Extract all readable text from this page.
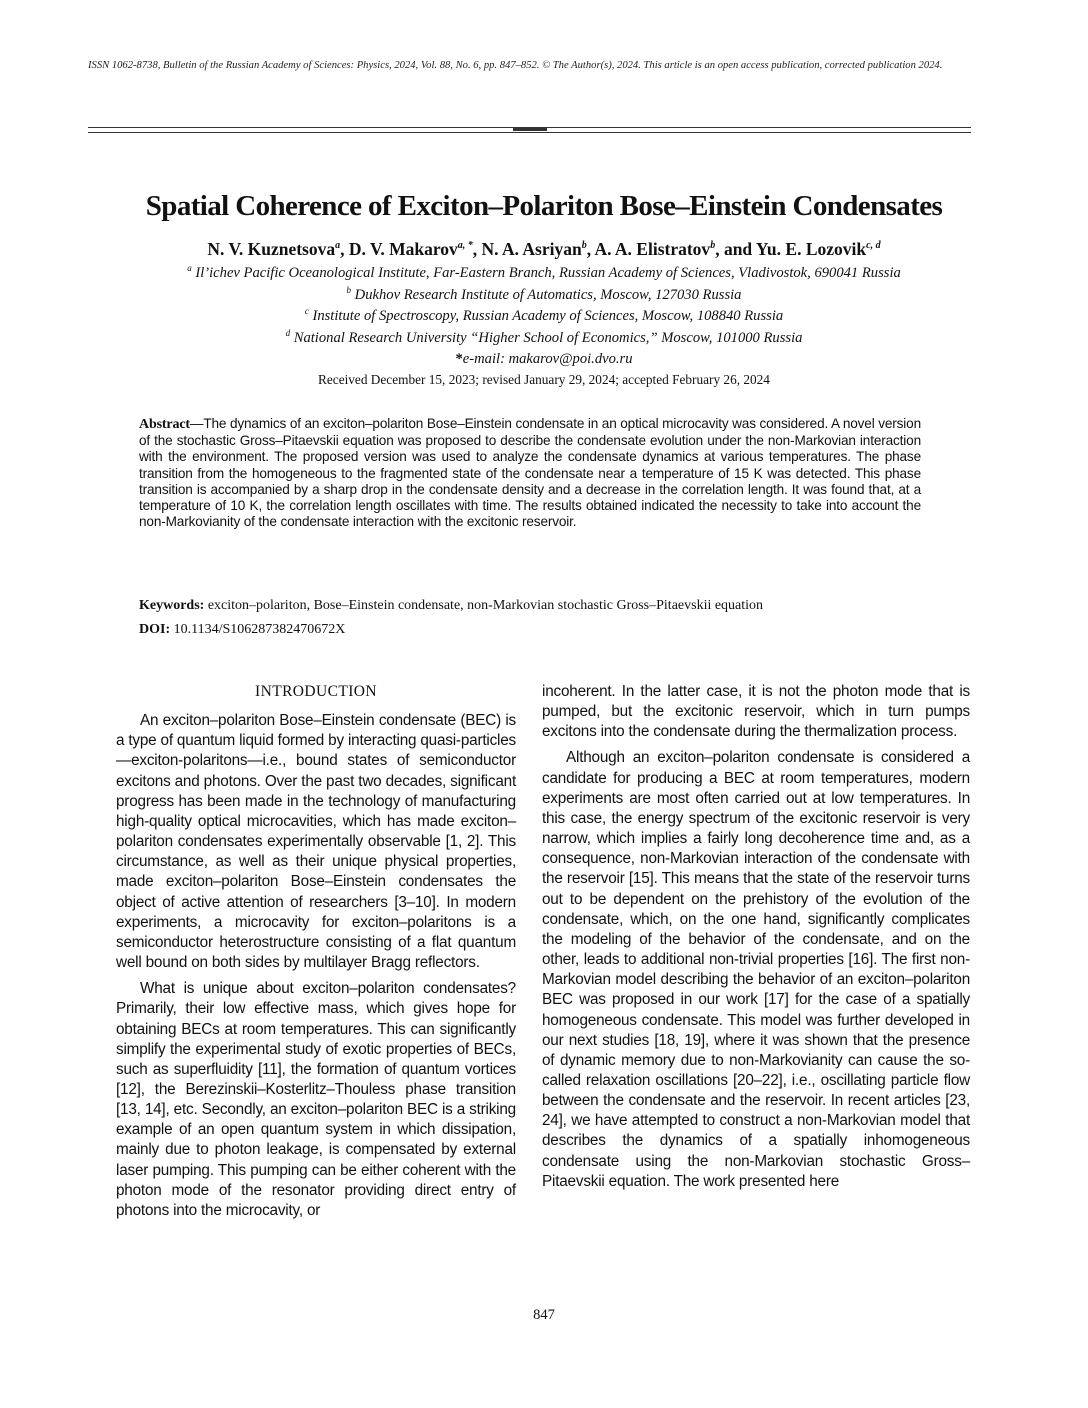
ISSN 1062-8738, Bulletin of the Russian Academy of Sciences: Physics, 2024, Vol. 88, No. 6, pp. 847–852. © The Author(s), 2024. This article is an open access publication, corrected publication 2024.
Spatial Coherence of Exciton–Polariton Bose–Einstein Condensates
N. V. Kuznetsova$^a$, D. V. Makarov$^{a, *}$, N. A. Asriyan$^b$, A. A. Elistratov$^b$, and Yu. E. Lozovik$^{c, d}$
$^a$ Il’ichev Pacific Oceanological Institute, Far-Eastern Branch, Russian Academy of Sciences, Vladivostok, 690041 Russia
$^b$ Dukhov Research Institute of Automatics, Moscow, 127030 Russia
$^c$ Institute of Spectroscopy, Russian Academy of Sciences, Moscow, 108840 Russia
$^d$ National Research University “Higher School of Economics,” Moscow, 101000 Russia
*e-mail: makarov@poi.dvo.ru
Received December 15, 2023; revised January 29, 2024; accepted February 26, 2024
Abstract—The dynamics of an exciton–polariton Bose–Einstein condensate in an optical microcavity was considered. A novel version of the stochastic Gross–Pitaevskii equation was proposed to describe the condensate evolution under the non-Markovian interaction with the environment. The proposed version was used to analyze the condensate dynamics at various temperatures. The phase transition from the homogeneous to the fragmented state of the condensate near a temperature of 15 K was detected. This phase transition is accompanied by a sharp drop in the condensate density and a decrease in the correlation length. It was found that, at a temperature of 10 K, the correlation length oscillates with time. The results obtained indicated the necessity to take into account the non-Markovianity of the condensate interaction with the excitonic reservoir.
Keywords: exciton–polariton, Bose–Einstein condensate, non-Markovian stochastic Gross–Pitaevskii equation
DOI: 10.1134/S106287382470672X
INTRODUCTION

An exciton–polariton Bose–Einstein condensate (BEC) is a type of quantum liquid formed by interacting quasi-particles—exciton-polaritons—i.e., bound states of semiconductor excitons and photons. Over the past two decades, significant progress has been made in the technology of manufacturing high-quality optical microcavities, which has made exciton–polariton condensates experimentally observable [1, 2]. This circumstance, as well as their unique physical properties, made exciton–polariton Bose–Einstein condensates the object of active attention of researchers [3–10]. In modern experiments, a microcavity for exciton–polaritons is a semiconductor heterostructure consisting of a flat quantum well bound on both sides by multilayer Bragg reflectors.

What is unique about exciton–polariton condensates? Primarily, their low effective mass, which gives hope for obtaining BECs at room temperatures. This can significantly simplify the experimental study of exotic properties of BECs, such as superfluidity [11], the formation of quantum vortices [12], the Berezinskii–Kosterlitz–Thouless phase transition [13, 14], etc. Secondly, an exciton–polariton BEC is a striking example of an open quantum system in which dissipation, mainly due to photon leakage, is compensated by external laser pumping. This pumping can be either coherent with the photon mode of the resonator providing direct entry of photons into the microcavity, or

incoherent. In the latter case, it is not the photon mode that is pumped, but the excitonic reservoir, which in turn pumps excitons into the condensate during the thermalization process.

Although an exciton–polariton condensate is considered a candidate for producing a BEC at room temperatures, modern experiments are most often carried out at low temperatures. In this case, the energy spectrum of the excitonic reservoir is very narrow, which implies a fairly long decoherence time and, as a consequence, non-Markovian interaction of the condensate with the reservoir [15]. This means that the state of the reservoir turns out to be dependent on the prehistory of the evolution of the condensate, which, on the one hand, significantly complicates the modeling of the behavior of the condensate, and on the other, leads to additional non-trivial properties [16]. The first non-Markovian model describing the behavior of an exciton–polariton BEC was proposed in our work [17] for the case of a spatially homogeneous condensate. This model was further developed in our next studies [18, 19], where it was shown that the presence of dynamic memory due to non-Markovianity can cause the so-called relaxation oscillations [20–22], i.e., oscillating particle flow between the condensate and the reservoir. In recent articles [23, 24], we have attempted to construct a non-Markovian model that describes the dynamics of a spatially inhomogeneous condensate using the non-Markovian stochastic Gross–Pitaevskii equation. The work presented here

847
